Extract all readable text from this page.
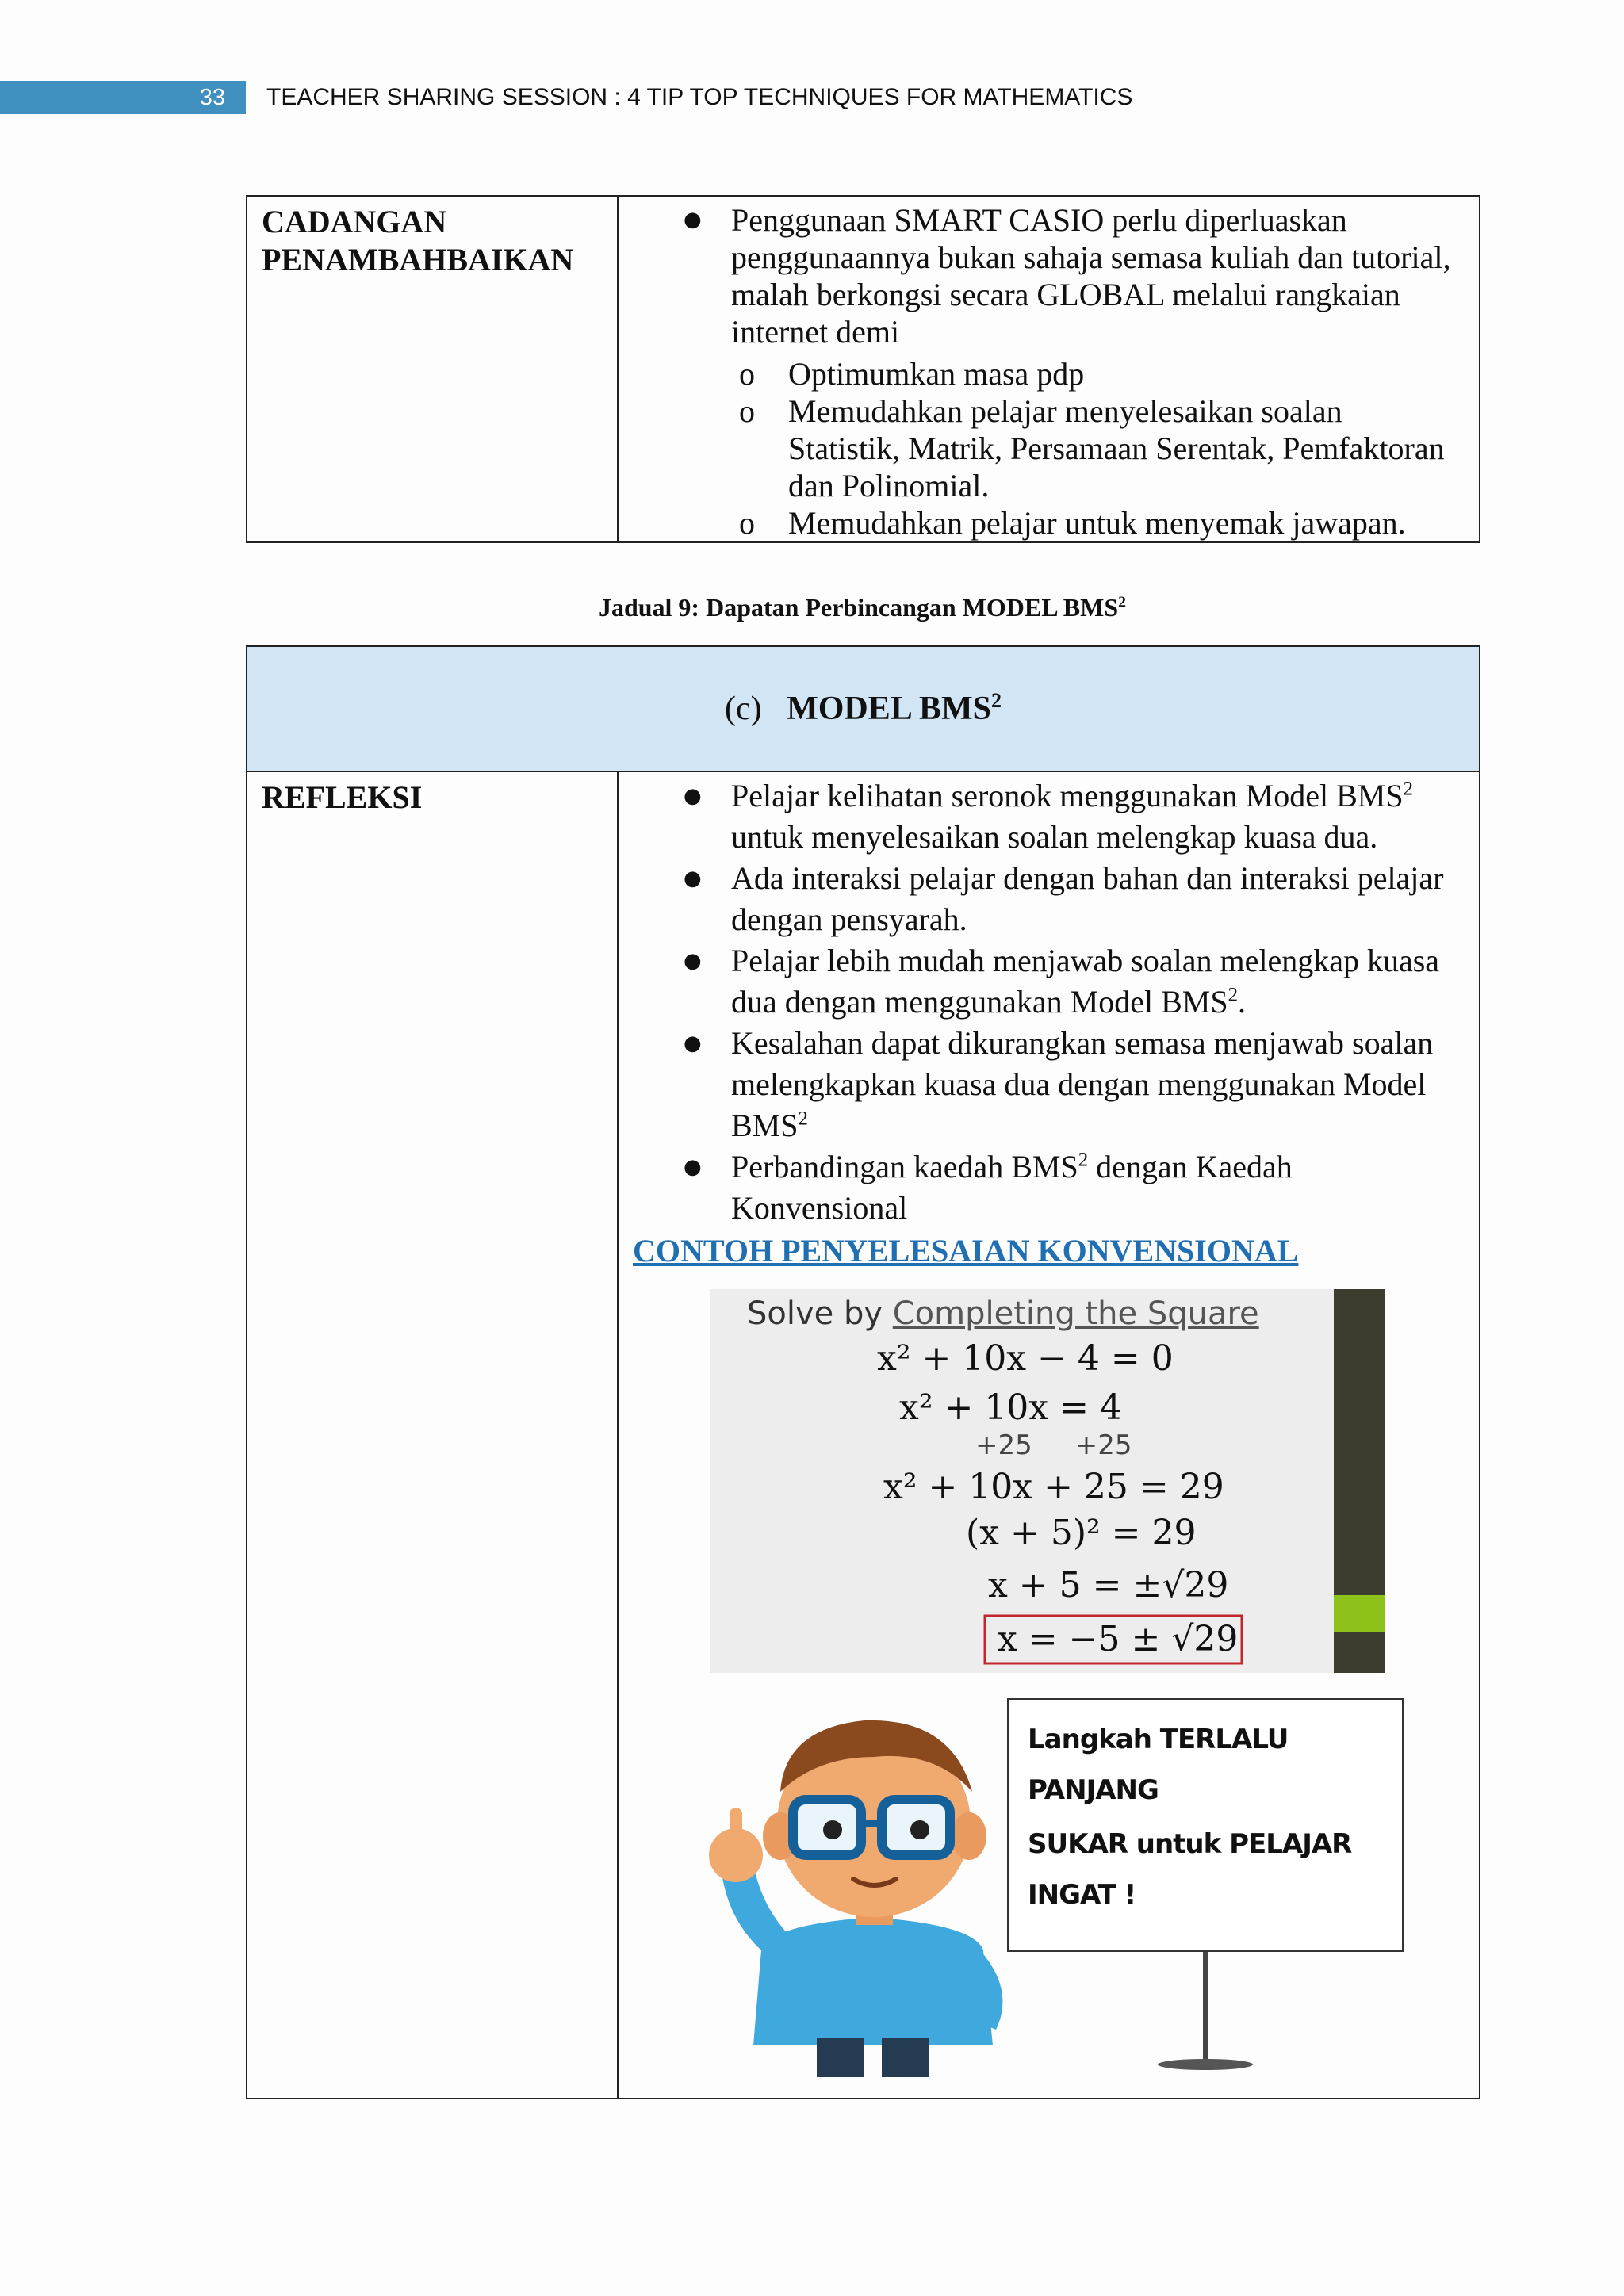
33	TEACHER SHARING SESSION : 4 TIP TOP TECHNIQUES FOR MATHEMATICS
CADANGAN
PENAMBAHBAIKAN

● Penggunaan SMART CASIO perlu diperluaskan penggunaannya bukan sahaja semasa kuliah dan tutorial, malah berkongsi secara GLOBAL melalui rangkaian internet demi
o Optimumkan masa pdp
o Memudahkan pelajar menyelesaikan soalan Statistik, Matrik, Persamaan Serentak, Pemfaktoran dan Polinomial.
o Memudahkan pelajar untuk menyemak jawapan.
Jadual 9: Dapatan Perbincangan MODEL BMS$^2$
(c) MODEL BMS$^2$

REFLEKSI

●Pelajar kelihatan seronok menggunakan Model BMS$^2$ untuk menyelesaikan soalan melengkap kuasa dua.
● Ada interaksi pelajar dengan bahan dan interaksi pelajar dengan pensyarah.
● Pelajar lebih mudah menjawab soalan melengkap kuasa dua dengan menggunakan Model BMS$^2$.
● Kesalahan dapat dikurangkan semasa menjawab soalan melengkapkan kuasa dua dengan menggunakan Model BMS$^2$
● Perbandingan kaedah BMS$^2$ dengan Kaedah Konvensional
CONTOH PENYELESAIAN KONVENSIONAL
Solve by Completing the Square
x² + 10x − 4 = 0
x² + 10x = 4
+25     +25
x² + 10x + 25 = 29
(x + 5)² = 29
x + 5 = ±√29
x = −5 ± √29
Langkah TERLALU
PANJANG
SUKAR untuk PELAJAR
INGAT !
